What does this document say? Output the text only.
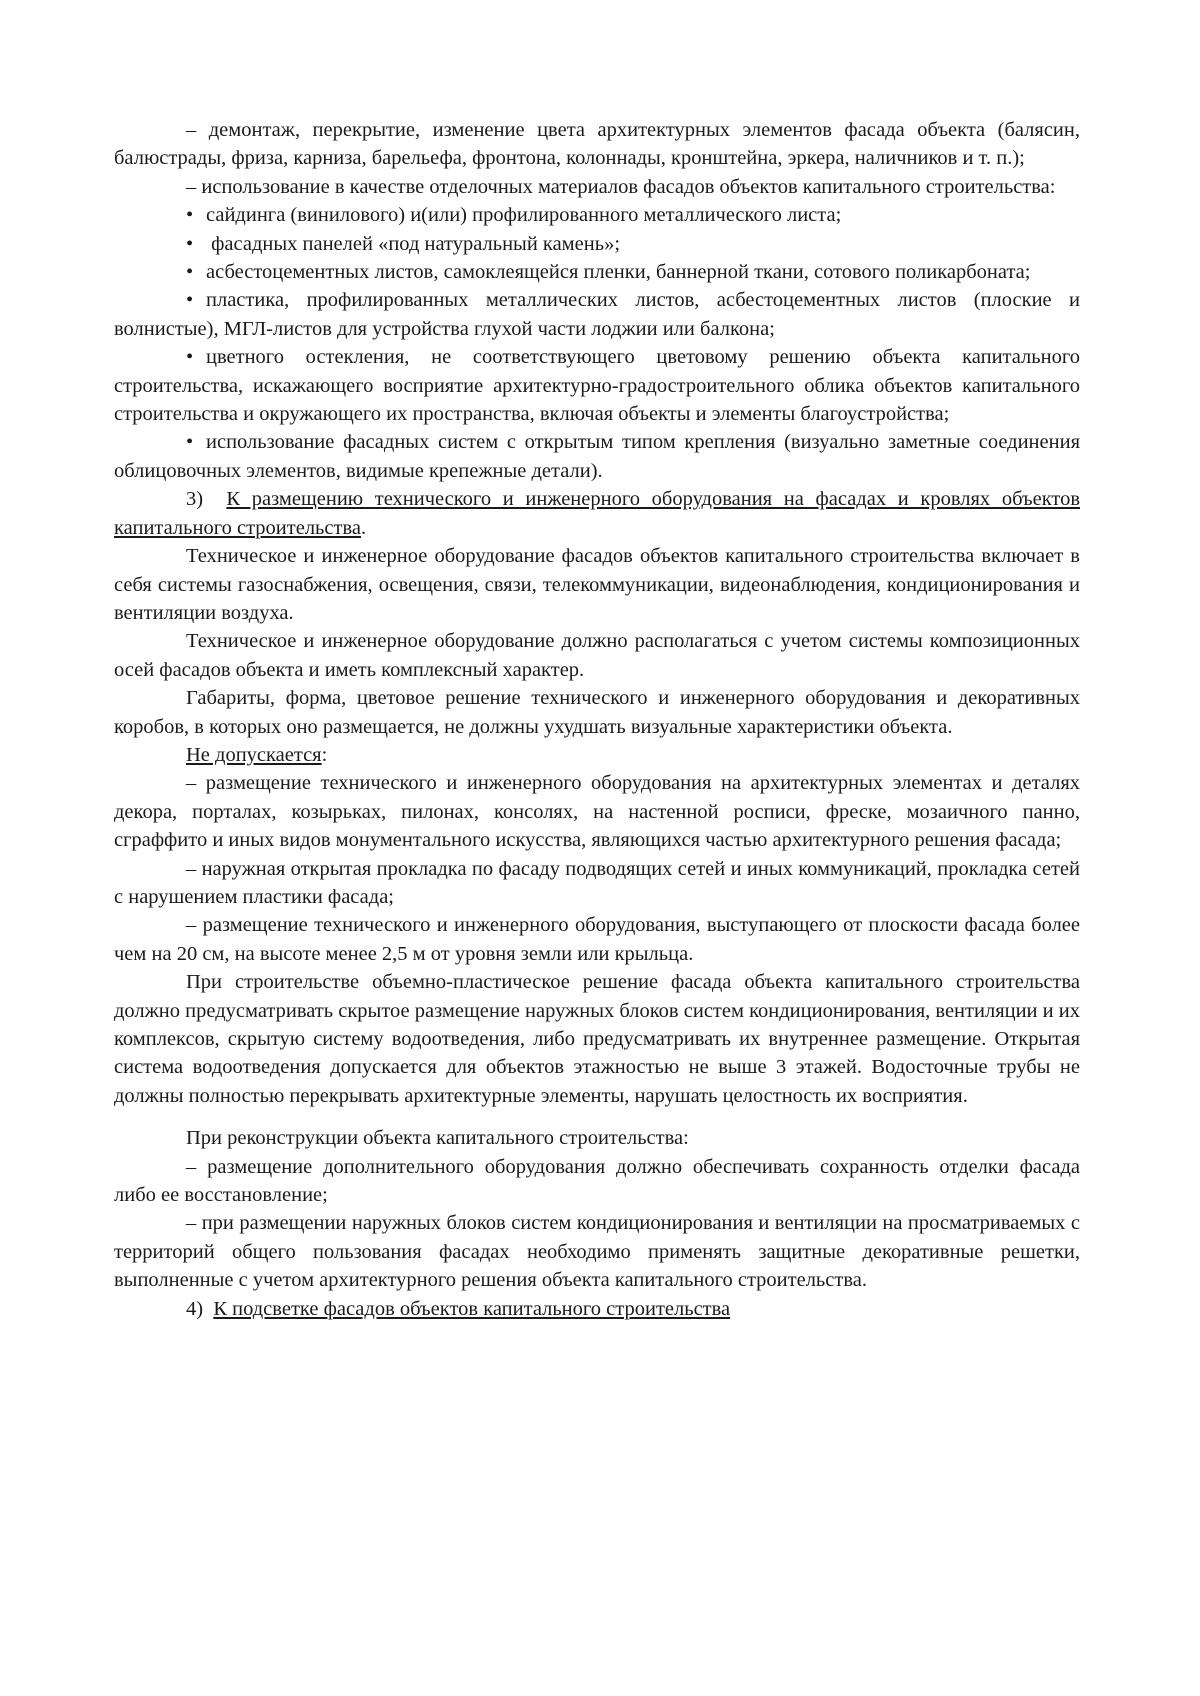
– демонтаж, перекрытие, изменение цвета архитектурных элементов фасада объекта (балясин, балюстрады, фриза, карниза, барельефа, фронтона, колоннады, кронштейна, эркера, наличников и т. п.);

– использование в качестве отделочных материалов фасадов объектов капитального строительства:

• сайдинга (винилового) и(или) профилированного металлического листа;

• фасадных панелей «под натуральный камень»;

• асбестоцементных листов, самоклеящейся пленки, баннерной ткани, сотового поликарбоната;

• пластика, профилированных металлических листов, асбестоцементных листов (плоские и волнистые), МГЛ-листов для устройства глухой части лоджии или балкона;

• цветного остекления, не соответствующего цветовому решению объекта капитального строительства, искажающего восприятие архитектурно-градостроительного облика объектов капитального строительства и окружающего их пространства, включая объекты и элементы благоустройства;

• использование фасадных систем с открытым типом крепления (визуально заметные соединения облицовочных элементов, видимые крепежные детали).

3) К размещению технического и инженерного оборудования на фасадах и кровлях объектов капитального строительства.

Техническое и инженерное оборудование фасадов объектов капитального строительства включает в себя системы газоснабжения, освещения, связи, телекоммуникации, видеонаблюдения, кондиционирования и вентиляции воздуха.

Техническое и инженерное оборудование должно располагаться с учетом системы композиционных осей фасадов объекта и иметь комплексный характер.

Габариты, форма, цветовое решение технического и инженерного оборудования и декоративных коробов, в которых оно размещается, не должны ухудшать визуальные характеристики объекта.

Не допускается:

– размещение технического и инженерного оборудования на архитектурных элементах и деталях декора, порталах, козырьках, пилонах, консолях, на настенной росписи, фреске, мозаичного панно, сграффито и иных видов монументального искусства, являющихся частью архитектурного решения фасада;

– наружная открытая прокладка по фасаду подводящих сетей и иных коммуникаций, прокладка сетей с нарушением пластики фасада;

– размещение технического и инженерного оборудования, выступающего от плоскости фасада более чем на 20 см, на высоте менее 2,5 м от уровня земли или крыльца.

При строительстве объемно-пластическое решение фасада объекта капитального строительства должно предусматривать скрытое размещение наружных блоков систем кондиционирования, вентиляции и их комплексов, скрытую систему водоотведения, либо предусматривать их внутреннее размещение. Открытая система водоотведения допускается для объектов этажностью не выше 3 этажей. Водосточные трубы не должны полностью перекрывать архитектурные элементы, нарушать целостность их восприятия.

При реконструкции объекта капитального строительства:

– размещение дополнительного оборудования должно обеспечивать сохранность отделки фасада либо ее восстановление;

– при размещении наружных блоков систем кондиционирования и вентиляции на просматриваемых с территорий общего пользования фасадах необходимо применять защитные декоративные решетки, выполненные с учетом архитектурного решения объекта капитального строительства.

4) К подсветке фасадов объектов капитального строительства
